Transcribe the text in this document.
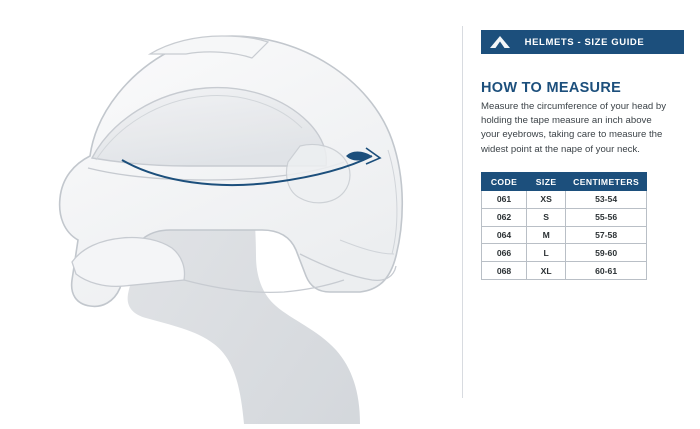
HELMETS - SIZE GUIDE
HOW TO MEASURE
Measure the circumference of your head by holding the tape measure an inch above your eyebrows, taking care to measure the widest point at the nape of your neck.
CODE	SIZE	CENTIMETERS
061	XS	53-54
062	S	55-56
064	M	57-58
066	L	59-60
068	XL	60-61
